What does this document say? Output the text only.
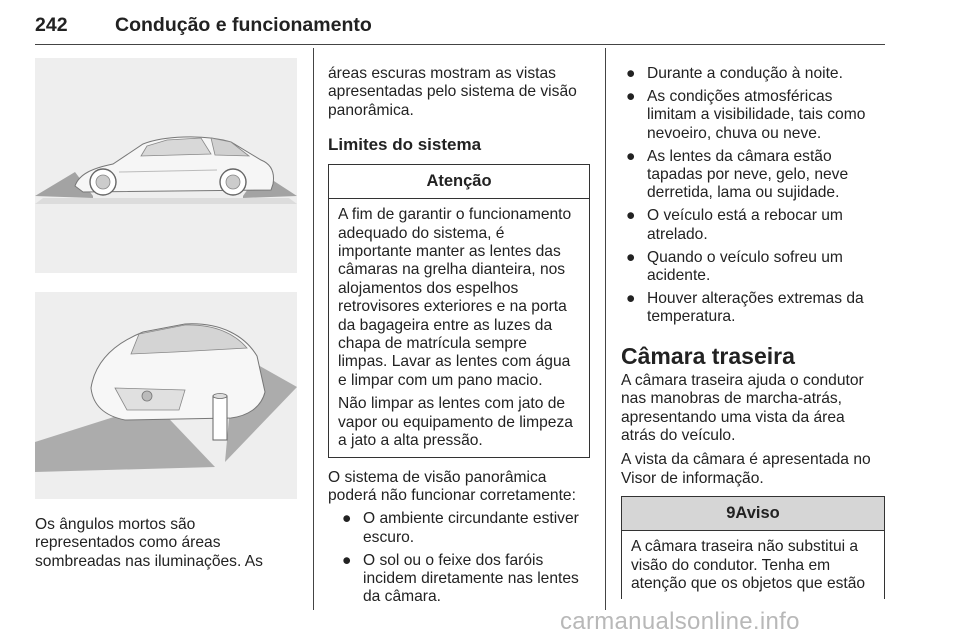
242 Condução e funcionamento
Os ângulos mortos são
representados como áreas
sombreadas nas iluminações. As
áreas escuras mostram as vistas
apresentadas pelo sistema de visão
panorâmica.
Limites do sistema
Atenção
A fim de garantir o funcionamento
adequado do sistema, é
importante manter as lentes das
câmaras na grelha dianteira, nos
alojamentos dos espelhos
retrovisores exteriores e na porta
da bagageira entre as luzes da
chapa de matrícula sempre
limpas. Lavar as lentes com água
e limpar com um pano macio.
Não limpar as lentes com jato de
vapor ou equipamento de limpeza
a jato a alta pressão.
O sistema de visão panorâmica
poderá não funcionar corretamente:
● O ambiente circundante estiver
escuro.
● O sol ou o feixe dos faróis
incidem diretamente nas lentes
da câmara.
● Durante a condução à noite.
● As condições atmosféricas
limitam a visibilidade, tais como
nevoeiro, chuva ou neve.
● As lentes da câmara estão
tapadas por neve, gelo, neve
derretida, lama ou sujidade.
● O veículo está a rebocar um
atrelado.
● Quando o veículo sofreu um
acidente.
● Houver alterações extremas da
temperatura.
Câmara traseira
A câmara traseira ajuda o condutor
nas manobras de marcha-atrás,
apresentando uma vista da área
atrás do veículo.
A vista da câmara é apresentada no
Visor de informação.
9Aviso
A câmara traseira não substitui a
visão do condutor. Tenha em
atenção que os objetos que estão
carmanualsonline.info
